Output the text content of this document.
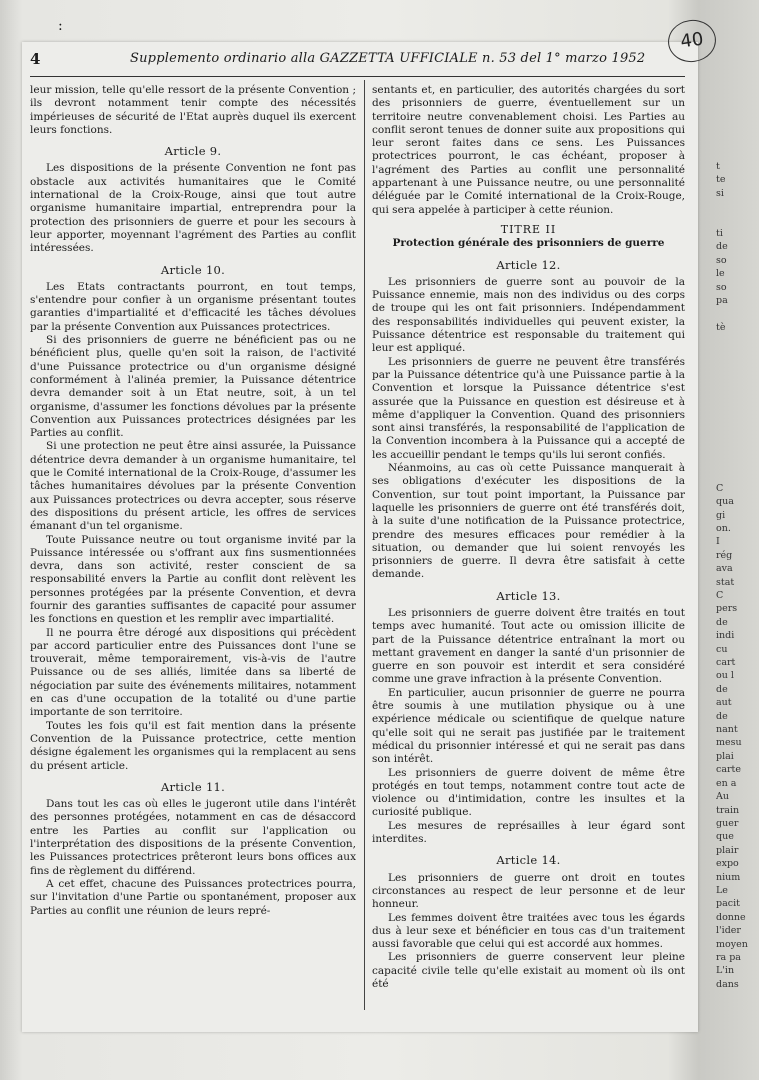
:
40
4	Supplemento ordinario alla GAZZETTA UFFICIALE n. 53 del 1° marzo 1952

leur mission, telle qu'elle ressort de la présente Convention ; ils devront notamment tenir compte des nécessités impérieuses de sécurité de l'Etat auprès duquel ils exercent leurs fonctions.

Article 9.

Les dispositions de la présente Convention ne font pas obstacle aux activités humanitaires que le Comité international de la Croix-Rouge, ainsi que tout autre organisme humanitaire impartial, entreprendra pour la protection des prisonniers de guerre et pour les secours à leur apporter, moyennant l'agrément des Parties au conflit intéressées.

Article 10.

Les Etats contractants pourront, en tout temps, s'entendre pour confier à un organisme présentant toutes garanties d'impartialité et d'efficacité les tâches dévolues par la présente Convention aux Puissances protectrices.

Si des prisonniers de guerre ne bénéficient pas ou ne bénéficient plus, quelle qu'en soit la raison, de l'activité d'une Puissance protectrice ou d'un organisme désigné conformément à l'alinéa premier, la Puissance détentrice devra demander soit à un Etat neutre, soit, à un tel organisme, d'assumer les fonctions dévolues par la présente Convention aux Puissances protectrices désignées par les Parties au conflit.

Si une protection ne peut être ainsi assurée, la Puissance détentrice devra demander à un organisme humanitaire, tel que le Comité international de la Croix-Rouge, d'assumer les tâches humanitaires dévolues par la présente Convention aux Puissances protectrices ou devra accepter, sous réserve des dispositions du présent article, les offres de services émanant d'un tel organisme.

Toute Puissance neutre ou tout organisme invité par la Puissance intéressée ou s'offrant aux fins susmentionnées devra, dans son activité, rester conscient de sa responsabilité envers la Partie au conflit dont relèvent les personnes protégées par la présente Convention, et devra fournir des garanties suffisantes de capacité pour assumer les fonctions en question et les remplir avec impartialité.

Il ne pourra être dérogé aux dispositions qui précèdent par accord particulier entre des Puissances dont l'une se trouverait, même temporairement, vis-à-vis de l'autre Puissance ou de ses alliés, limitée dans sa liberté de négociation par suite des événements militaires, notamment en cas d'une occupation de la totalité ou d'une partie importante de son territoire.

Toutes les fois qu'il est fait mention dans la présente Convention de la Puissance protectrice, cette mention désigne également les organismes qui la remplacent au sens du présent article.

Article 11.

Dans tout les cas où elles le jugeront utile dans l'intérêt des personnes protégées, notamment en cas de désaccord entre les Parties au conflit sur l'application ou l'interprétation des dispositions de la présente Convention, les Puissances protectrices prêteront leurs bons offices aux fins de règlement du différend.

A cet effet, chacune des Puissances protectrices pourra, sur l'invitation d'une Partie ou spontanément, proposer aux Parties au conflit une réunion de leurs repré-

sentants et, en particulier, des autorités chargées du sort des prisonniers de guerre, éventuellement sur un territoire neutre convenablement choisi. Les Parties au conflit seront tenues de donner suite aux propositions qui leur seront faites dans ce sens. Les Puissances protectrices pourront, le cas échéant, proposer à l'agrément des Parties au conflit une personnalité appartenant à une Puissance neutre, ou une personnalité déléguée par le Comité international de la Croix-Rouge, qui sera appelée à participer à cette réunion.

TITRE II
Protection générale des prisonniers de guerre
Article 12.

Les prisonniers de guerre sont au pouvoir de la Puissance ennemie, mais non des individus ou des corps de troupe qui les ont fait prisonniers. Indépendamment des responsabilités individuelles qui peuvent exister, la Puissance détentrice est responsable du traitement qui leur est appliqué.

Les prisonniers de guerre ne peuvent être transférés par la Puissance détentrice qu'à une Puissance partie à la Convention et lorsque la Puissance détentrice s'est assurée que la Puissance en question est désireuse et à même d'appliquer la Convention. Quand des prisonniers sont ainsi transférés, la responsabilité de l'application de la Convention incombera à la Puissance qui a accepté de les accueillir pendant le temps qu'ils lui seront confiés.

Néanmoins, au cas où cette Puissance manquerait à ses obligations d'exécuter les dispositions de la Convention, sur tout point important, la Puissance par laquelle les prisonniers de guerre ont été transférés doit, à la suite d'une notification de la Puissance protectrice, prendre des mesures efficaces pour remédier à la situation, ou demander que lui soient renvoyés les prisonniers de guerre. Il devra être satisfait à cette demande.

Article 13.

Les prisonniers de guerre doivent être traités en tout temps avec humanité. Tout acte ou omission illicite de part de la Puissance détentrice entraînant la mort ou mettant gravement en danger la santé d'un prisonnier de guerre en son pouvoir est interdit et sera considéré comme une grave infraction à la présente Convention.

En particulier, aucun prisonnier de guerre ne pourra être soumis à une mutilation physique ou à une expérience médicale ou scientifique de quelque nature qu'elle soit qui ne serait pas justifiée par le traitement médical du prisonnier intéressé et qui ne serait pas dans son intérêt.

Les prisonniers de guerre doivent de même être protégés en tout temps, notamment contre tout acte de violence ou d'intimidation, contre les insultes et la curiosité publique.

Les mesures de représailles à leur égard sont interdites.

Article 14.

Les prisonniers de guerre ont droit en toutes circonstances au respect de leur personne et de leur honneur.

Les femmes doivent être traitées avec tous les égards dus à leur sexe et bénéficier en tous cas d'un traitement aussi favorable que celui qui est accordé aux hommes.

Les prisonniers de guerre conservent leur pleine capacité civile telle qu'elle existait au moment où ils ont été

t
te
si

ti
de
so
le
so
pa

tè

C
qua
gi
on.
I
rég
ava
stat
C
pers
de
indi
cu
cart
ou l
de
aut
de
nant
mesu
plai
carte
en a
Au
train
guer
que
plair
expo
nium
Le
pacit
donne
l'ider
moyen
ra pa
L'in
dans
